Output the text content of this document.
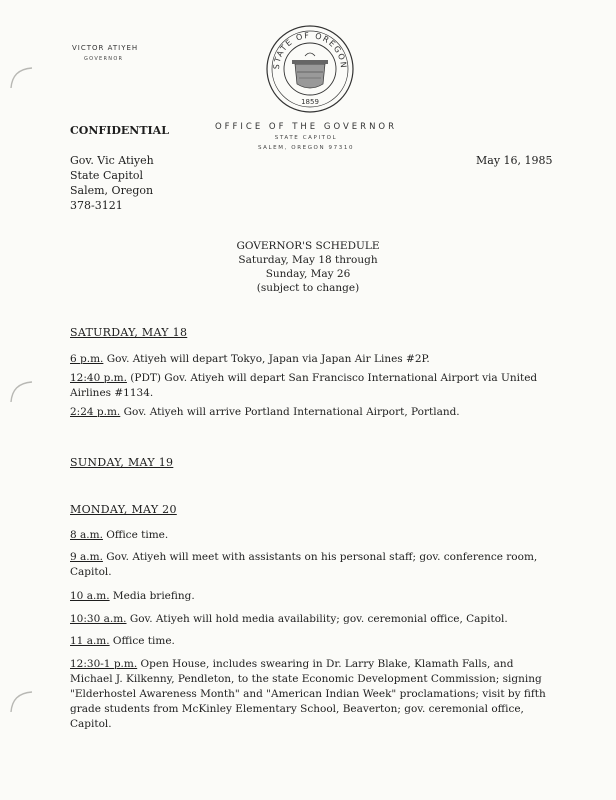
VICTOR ATIYEH
GOVERNOR
STATE OF OREGON
1859
OFFICE OF THE GOVERNOR
STATE CAPITOL
SALEM, OREGON 97310
CONFIDENTIAL
May 16, 1985
Gov. Vic Atiyeh
State Capitol
Salem, Oregon
378-3121
GOVERNOR'S SCHEDULE
Saturday, May 18 through
Sunday, May 26
(subject to change)
SATURDAY, MAY 18
6 p.m. Gov. Atiyeh will depart Tokyo, Japan via Japan Air Lines #2P.
12:40 p.m. (PDT) Gov. Atiyeh will depart San Francisco International Airport via United Airlines #1134.
2:24 p.m. Gov. Atiyeh will arrive Portland International Airport, Portland.
SUNDAY, MAY 19
MONDAY, MAY 20
8 a.m. Office time.
9 a.m. Gov. Atiyeh will meet with assistants on his personal staff; gov. conference room, Capitol.
10 a.m. Media briefing.
10:30 a.m. Gov. Atiyeh will hold media availability; gov. ceremonial office, Capitol.
11 a.m. Office time.
12:30-1 p.m. Open House, includes swearing in Dr. Larry Blake, Klamath Falls, and Michael J. Kilkenny, Pendleton, to the state Economic Development Commission; signing "Elderhostel Awareness Month" and "American Indian Week" proclamations; visit by fifth grade students from McKinley Elementary School, Beaverton; gov. ceremonial office, Capitol.
